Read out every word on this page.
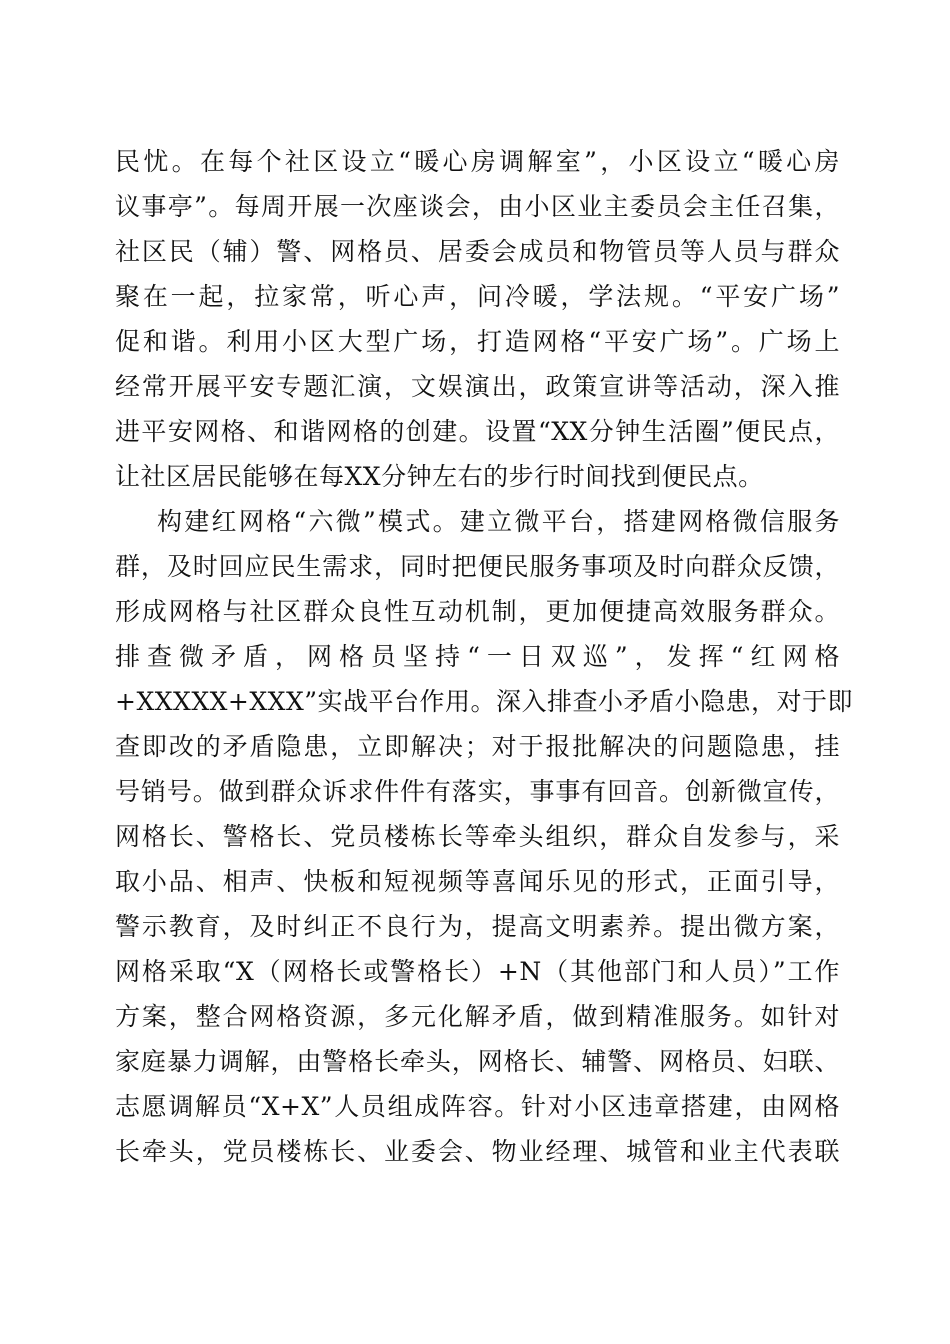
民忧。在每个社区设立“暖心房调解室”，小区设立“暖心房
议事亭”。每周开展一次座谈会，由小区业主委员会主任召集，
社区民（辅）警、网格员、居委会成员和物管员等人员与群众
聚在一起，拉家常，听心声，问冷暖，学法规。“平安广场”
促和谐。利用小区大型广场，打造网格“平安广场”。广场上
经常开展平安专题汇演，文娱演出，政策宣讲等活动，深入推
进平安网格、和谐网格的创建。设置“XX分钟生活圈”便民点，
让社区居民能够在每XX分钟左右的步行时间找到便民点。
构建红网格“六微”模式。建立微平台，搭建网格微信服务
群，及时回应民生需求，同时把便民服务事项及时向群众反馈，
形成网格与社区群众良性互动机制，更加便捷高效服务群众。
排查微矛盾，网格员坚持“一日双巡”，发挥“红网格
+XXXXX+XXX”实战平台作用。深入排查小矛盾小隐患，对于即
查即改的矛盾隐患，立即解决；对于报批解决的问题隐患，挂
号销号。做到群众诉求件件有落实，事事有回音。创新微宣传，
网格长、警格长、党员楼栋长等牵头组织，群众自发参与，采
取小品、相声、快板和短视频等喜闻乐见的形式，正面引导，
警示教育，及时纠正不良行为，提高文明素养。提出微方案，
网格采取“X（网格长或警格长）+N（其他部门和人员）”工作
方案，整合网格资源，多元化解矛盾，做到精准服务。如针对
家庭暴力调解，由警格长牵头，网格长、辅警、网格员、妇联、
志愿调解员“X+X”人员组成阵容。针对小区违章搭建，由网格
长牵头，党员楼栋长、业委会、物业经理、城管和业主代表联
